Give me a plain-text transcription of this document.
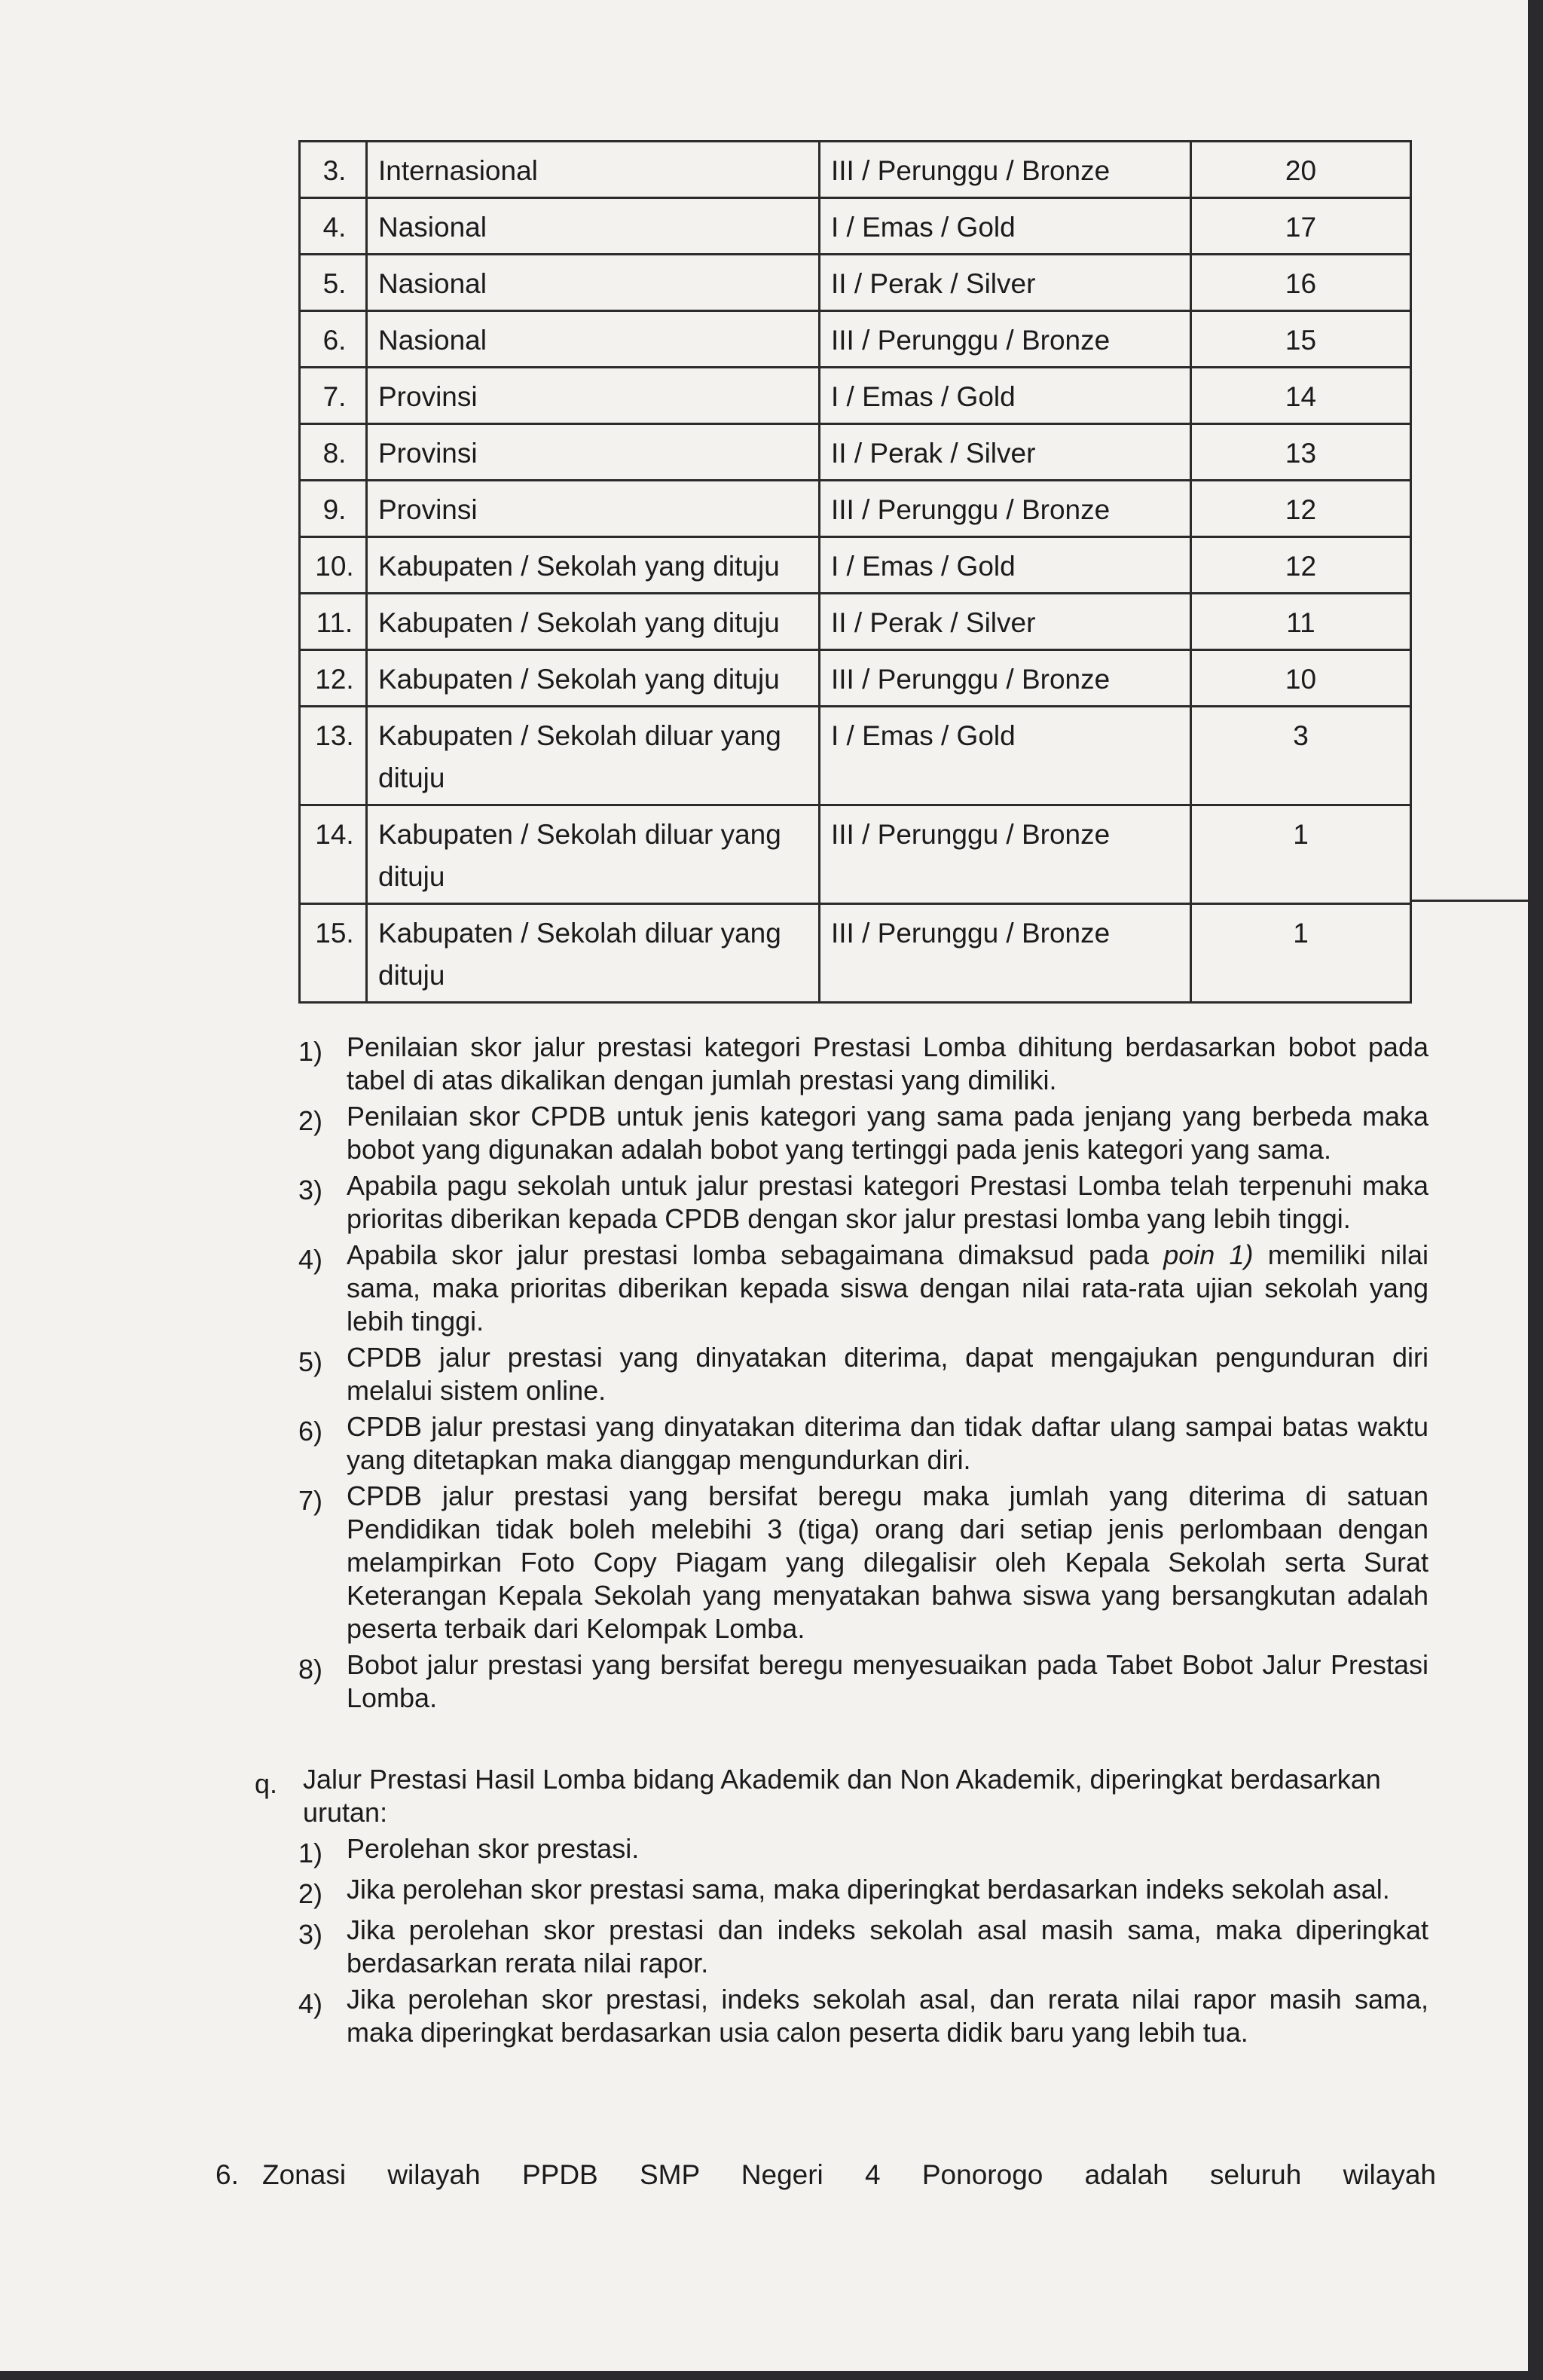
3.	Internasional	III / Perunggu / Bronze	20
4.	Nasional	I / Emas / Gold	17
5.	Nasional	II / Perak / Silver	16
6.	Nasional	III / Perunggu / Bronze	15
7.	Provinsi	I / Emas / Gold	14
8.	Provinsi	II / Perak / Silver	13
9.	Provinsi	III / Perunggu / Bronze	12
10.	Kabupaten / Sekolah yang dituju	I / Emas / Gold	12
11.	Kabupaten / Sekolah yang dituju	II / Perak / Silver	11
12.	Kabupaten / Sekolah yang dituju	III / Perunggu / Bronze	10
13.	Kabupaten / Sekolah diluar yang dituju	I / Emas / Gold	3
14.	Kabupaten / Sekolah diluar yang dituju	III / Perunggu / Bronze	1
15.	Kabupaten / Sekolah diluar yang dituju	III / Perunggu / Bronze	1
1) Penilaian skor jalur prestasi kategori Prestasi Lomba dihitung berdasarkan bobot pada tabel di atas dikalikan dengan jumlah prestasi yang dimiliki.
2) Penilaian skor CPDB untuk jenis kategori yang sama pada jenjang yang berbeda maka bobot yang digunakan adalah bobot yang tertinggi pada jenis kategori yang sama.
3) Apabila pagu sekolah untuk jalur prestasi kategori Prestasi Lomba telah terpenuhi maka prioritas diberikan kepada CPDB dengan skor jalur prestasi lomba yang lebih tinggi.
4) Apabila skor jalur prestasi lomba sebagaimana dimaksud pada poin 1) memiliki nilai sama, maka prioritas diberikan kepada siswa dengan nilai rata-rata ujian sekolah yang lebih tinggi.
5) CPDB jalur prestasi yang dinyatakan diterima, dapat mengajukan pengunduran diri melalui sistem online.
6) CPDB jalur prestasi yang dinyatakan diterima dan tidak daftar ulang sampai batas waktu yang ditetapkan maka dianggap mengundurkan diri.
7) CPDB jalur prestasi yang bersifat beregu maka jumlah yang diterima di satuan Pendidikan tidak boleh melebihi 3 (tiga) orang dari setiap jenis perlombaan dengan melampirkan Foto Copy Piagam yang dilegalisir oleh Kepala Sekolah serta Surat Keterangan Kepala Sekolah yang menyatakan bahwa siswa yang bersangkutan adalah peserta terbaik dari Kelompak Lomba.
8) Bobot jalur prestasi yang bersifat beregu menyesuaikan pada Tabet Bobot Jalur Prestasi Lomba.
q. Jalur Prestasi Hasil Lomba bidang Akademik dan Non Akademik, diperingkat berdasarkan urutan:
1) Perolehan skor prestasi.
2) Jika perolehan skor prestasi sama, maka diperingkat berdasarkan indeks sekolah asal.
3) Jika perolehan skor prestasi dan indeks sekolah asal masih sama, maka diperingkat berdasarkan rerata nilai rapor.
4) Jika perolehan skor prestasi, indeks sekolah asal, dan rerata nilai rapor masih sama, maka diperingkat berdasarkan usia calon peserta didik baru yang lebih tua.
6. Zonasi wilayah PPDB SMP Negeri 4 Ponorogo adalah seluruh wilayah
